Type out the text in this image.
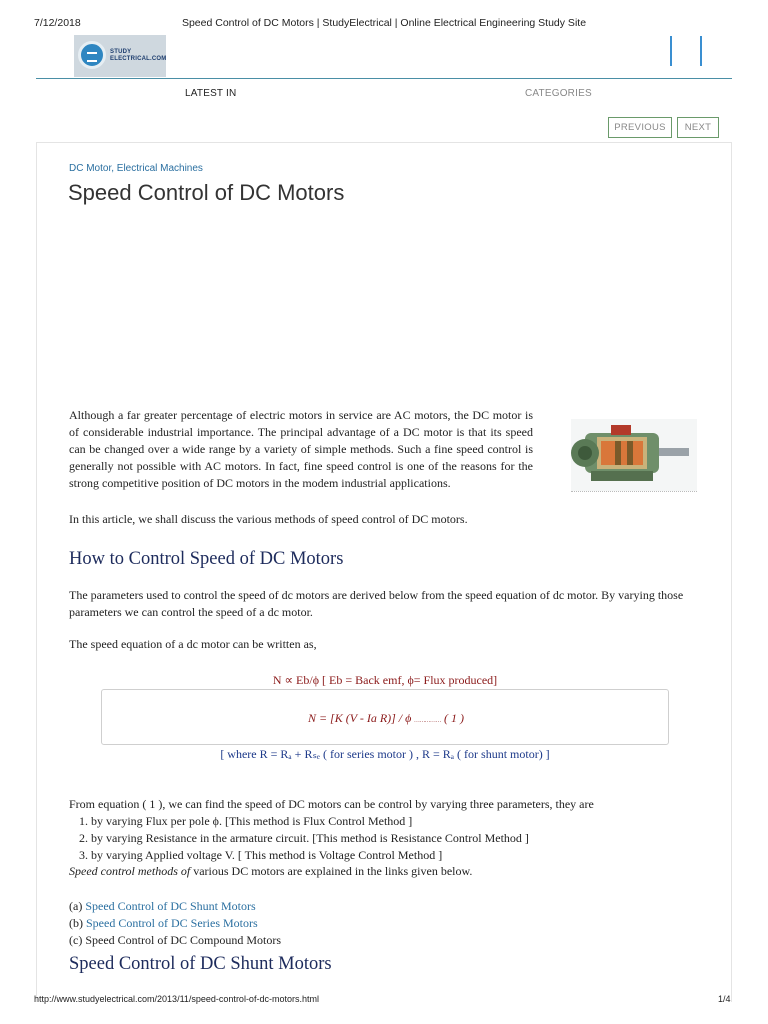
7/12/2018	Speed Control of DC Motors | StudyElectrical | Online Electrical Engineering Study Site
STUDY
ELECTRICAL.COM
LATEST IN	CATEGORIES
PREVIOUS	NEXT
DC Motor, Electrical Machines
Speed Control of DC Motors

Although a far greater percentage of electric motors in service are AC motors, the DC motor is of considerable industrial importance. The principal advantage of a DC motor is that its speed can be changed over a wide range by a variety of simple methods. Such a fine speed control is generally not possible with AC motors. In fact, fine speed control is one of the reasons for the strong competitive position of DC motors in the modem industrial applications.

In this article, we shall discuss the various methods of speed control of DC motors.

How to Control Speed of DC Motors

The parameters used to control the speed of dc motors are derived below from the speed equation of dc motor. By varying those parameters we can control the speed of a dc motor.

The speed equation of a dc motor can be written as,

N ∝ Eb/ϕ [ Eb = Back emf, ϕ= Flux produced]
N = [K (V - Ia R)] / ϕ …………… ( 1 )
[ where R = Rₐ + Rₛₑ ( for series motor ) , R = Rₐ ( for shunt motor) ]

From equation ( 1 ), we can find the speed of DC motors can be control by varying three parameters, they are

1. by varying Flux per pole ϕ. [This method is Flux Control Method ]
2. by varying Resistance in the armature circuit. [This method is Resistance Control Method ]
3. by varying Applied voltage V. [ This method is Voltage Control Method ]

Speed control methods of various DC motors are explained in the links given below.

(a) Speed Control of DC Shunt Motors
(b) Speed Control of DC Series Motors
(c) Speed Control of DC Compound Motors
Speed Control of DC Shunt Motors
http://www.studyelectrical.com/2013/11/speed-control-of-dc-motors.html	1/4
